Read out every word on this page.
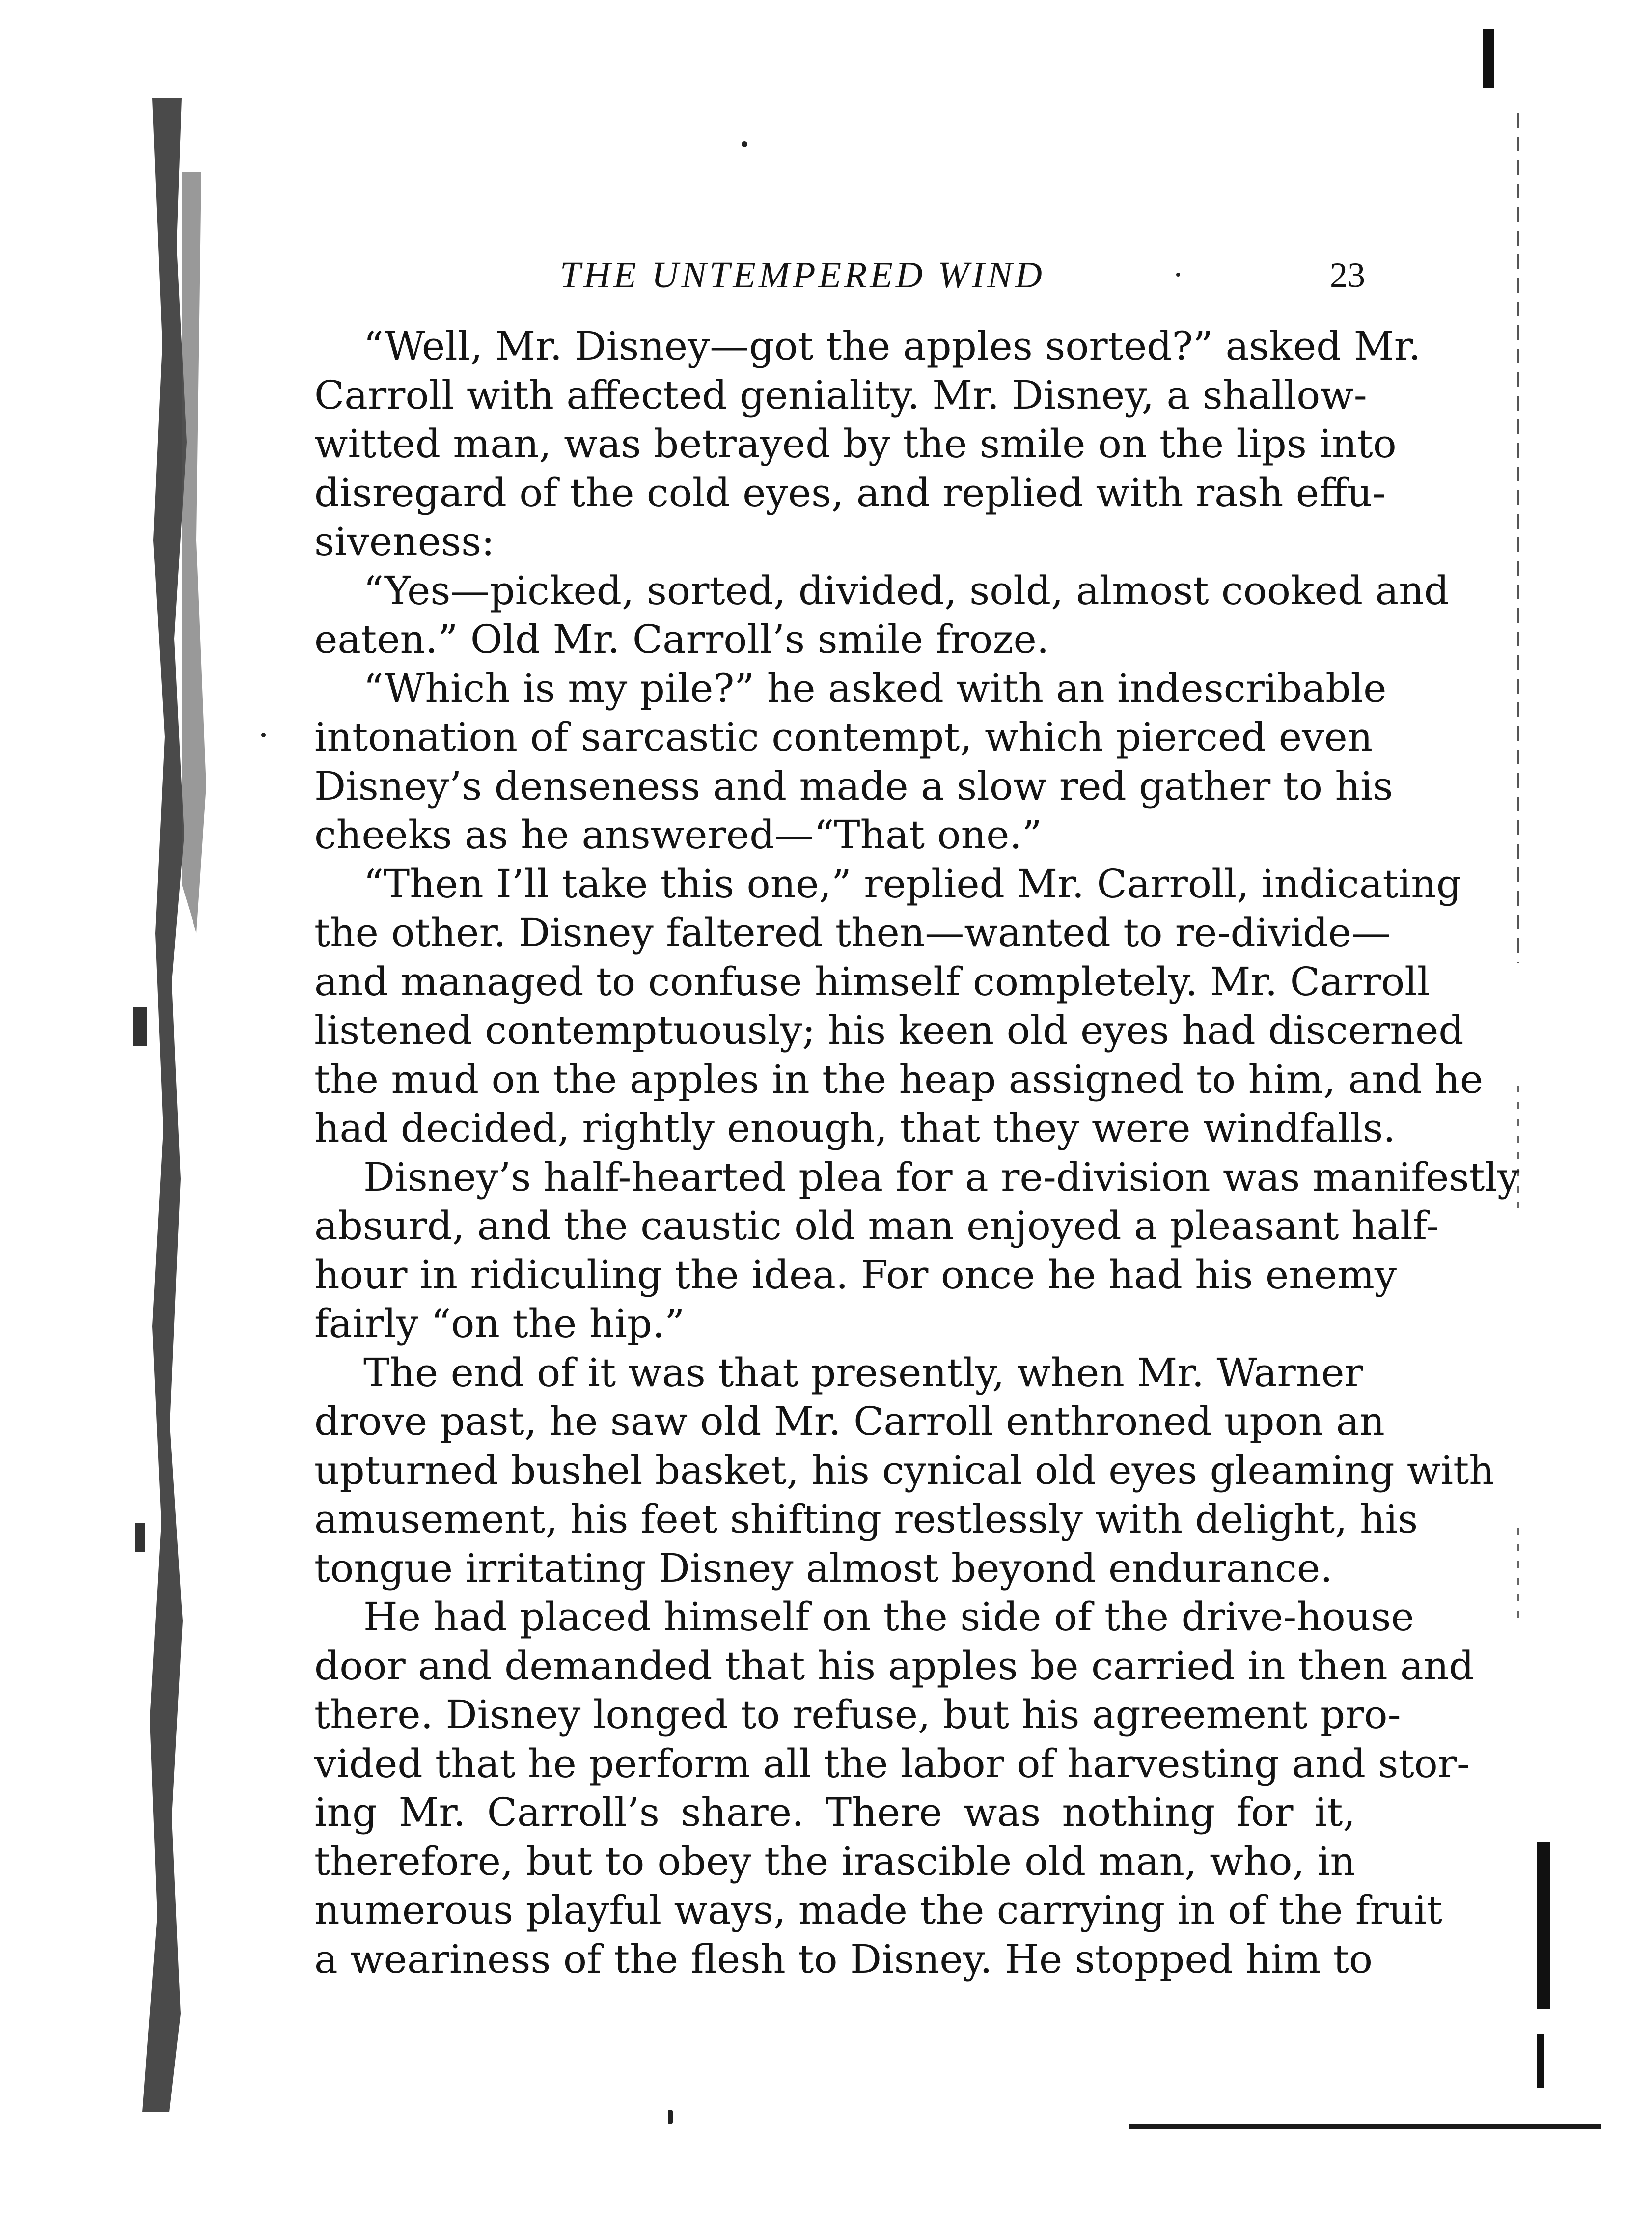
THE UNTEMPERED WIND	23
“Well, Mr. Disney—got the apples sorted?” asked Mr.
Carroll with affected geniality. Mr. Disney, a shallow-
witted man, was betrayed by the smile on the lips into
disregard of the cold eyes, and replied with rash effu-
siveness:
“Yes—picked, sorted, divided, sold, almost cooked and
eaten.” Old Mr. Carroll’s smile froze.
“Which is my pile?” he asked with an indescribable
intonation of sarcastic contempt, which pierced even
Disney’s denseness and made a slow red gather to his
cheeks as he answered—“That one.”
“Then I’ll take this one,” replied Mr. Carroll, indicating
the other. Disney faltered then—wanted to re-divide—
and managed to confuse himself completely. Mr. Carroll
listened contemptuously; his keen old eyes had discerned
the mud on the apples in the heap assigned to him, and he
had decided, rightly enough, that they were windfalls.
Disney’s half-hearted plea for a re-division was manifestly
absurd, and the caustic old man enjoyed a pleasant half-
hour in ridiculing the idea. For once he had his enemy
fairly “on the hip.”
The end of it was that presently, when Mr. Warner
drove past, he saw old Mr. Carroll enthroned upon an
upturned bushel basket, his cynical old eyes gleaming with
amusement, his feet shifting restlessly with delight, his
tongue irritating Disney almost beyond endurance.
He had placed himself on the side of the drive-house
door and demanded that his apples be carried in then and
there. Disney longed to refuse, but his agreement pro-
vided that he perform all the labor of harvesting and stor-
ing Mr. Carroll’s share. There was nothing for it,
therefore, but to obey the irascible old man, who, in
numerous playful ways, made the carrying in of the fruit
a weariness of the flesh to Disney. He stopped him to
